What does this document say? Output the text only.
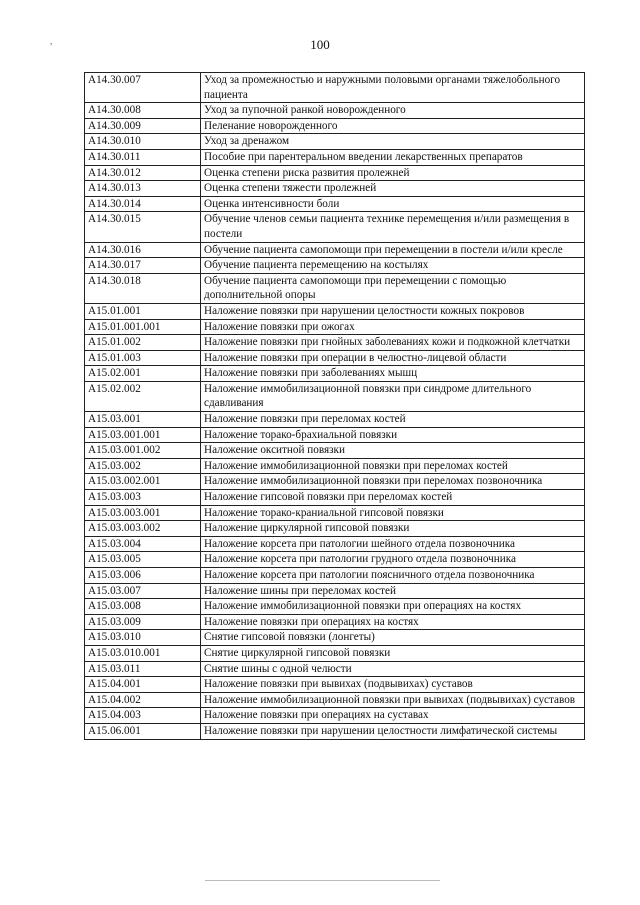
,	100
A14.30.007	Уход за промежностью и наружными половыми органами тяжелобольного пациента
A14.30.008	Уход за пупочной ранкой новорожденного
A14.30.009	Пеленание новорожденного
A14.30.010	Уход за дренажом
A14.30.011	Пособие при парентеральном введении лекарственных препаратов
A14.30.012	Оценка степени риска развития пролежней
A14.30.013	Оценка степени тяжести пролежней
A14.30.014	Оценка интенсивности боли
A14.30.015	Обучение членов семьи пациента технике перемещения и/или размещения в постели
A14.30.016	Обучение пациента самопомощи при перемещении в постели и/или кресле
A14.30.017	Обучение пациента перемещению на костылях
A14.30.018	Обучение пациента самопомощи при перемещении с помощью дополнительной опоры
A15.01.001	Наложение повязки при нарушении целостности кожных покровов
A15.01.001.001	Наложение повязки при ожогах
A15.01.002	Наложение повязки при гнойных заболеваниях кожи и подкожной клетчатки
A15.01.003	Наложение повязки при операции в челюстно-лицевой области
A15.02.001	Наложение повязки при заболеваниях мышц
A15.02.002	Наложение иммобилизационной повязки при синдроме длительного сдавливания
A15.03.001	Наложение повязки при переломах костей
A15.03.001.001	Наложение торако-брахиальной повязки
A15.03.001.002	Наложение окситной повязки
A15.03.002	Наложение иммобилизационной повязки при переломах костей
A15.03.002.001	Наложение иммобилизационной повязки при переломах позвоночника
A15.03.003	Наложение гипсовой повязки при переломах костей
A15.03.003.001	Наложение торако-краниальной гипсовой повязки
A15.03.003.002	Наложение циркулярной гипсовой повязки
A15.03.004	Наложение корсета при патологии шейного отдела позвоночника
A15.03.005	Наложение корсета при патологии грудного отдела позвоночника
A15.03.006	Наложение корсета при патологии поясничного отдела позвоночника
A15.03.007	Наложение шины при переломах костей
A15.03.008	Наложение иммобилизационной повязки при операциях на костях
A15.03.009	Наложение повязки при операциях на костях
A15.03.010	Снятие гипсовой повязки (лонгеты)
A15.03.010.001	Снятие циркулярной гипсовой повязки
A15.03.011	Снятие шины с одной челюсти
A15.04.001	Наложение повязки при вывихах (подвывихах) суставов
A15.04.002	Наложение иммобилизационной повязки при вывихах (подвывихах) суставов
A15.04.003	Наложение повязки при операциях на суставах
A15.06.001	Наложение повязки при нарушении целостности лимфатической системы
